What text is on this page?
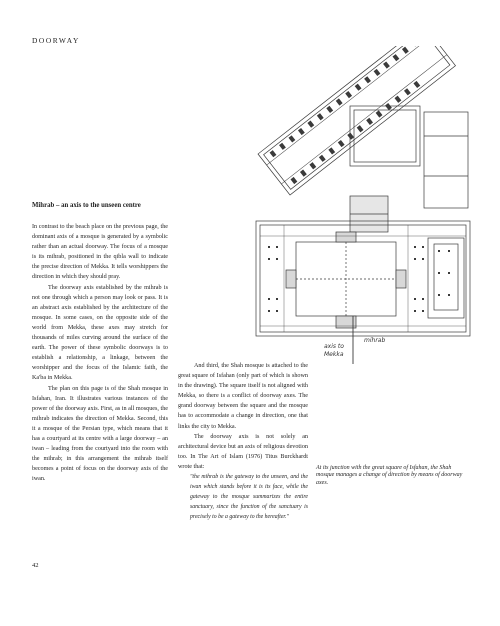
DOORWAY
axis to
Mekka
mihrab
Mihrab – an axis to the unseen centre

In contrast to the beach place on the previous page, the dominant axis of a mosque is generated by a symbolic rather than an actual doorway. The focus of a mosque is its mihrab, positioned in the qibla wall to indicate the precise direction of Mekka. It tells worshippers the direction in which they should pray.

The doorway axis established by the mihrab is not one through which a person may look or pass. It is an abstract axis established by the architecture of the mosque. In some cases, on the opposite side of the world from Mekka, these axes may stretch for thousands of miles curving around the surface of the earth. The power of these symbolic doorways is to establish a relationship, a linkage, between the worshipper and the focus of the Islamic faith, the Ka'ba in Mekka.

The plan on this page is of the Shah mosque in Isfahan, Iran. It illustrates various instances of the power of the doorway axis. First, as in all mosques, the mihrab indicates the direction of Mekka. Second, this it a mosque of the Persian type, which means that it has a courtyard at its centre with a large doorway – an iwan – leading from the courtyard into the room with the mihrab; in this arrangement the mihrab itself becomes a point of focus on the doorway axis of the iwan.

And third, the Shah mosque is attached to the great square of Isfahan (only part of which is shown in the drawing). The square itself is not aligned with Mekka, so there is a conflict of doorway axes. The grand doorway between the square and the mosque has to accommodate a change in direction, one that links the city to Mekka.

The doorway axis is not solely an architectural device but an axis of religious devotion too. In The Art of Islam (1976) Titus Burckhardt wrote that:

"the mihrab is the gateway to the unseen, and the iwan which stands before it is its face, while the gateway to the mosque summarizes the entire sanctuary, since the function of the sanctuary is precisely to be a gateway to the hereafter."

At its junction with the great square of Isfahan, the Shah mosque manages a change of direction by means of doorway axes.
42
